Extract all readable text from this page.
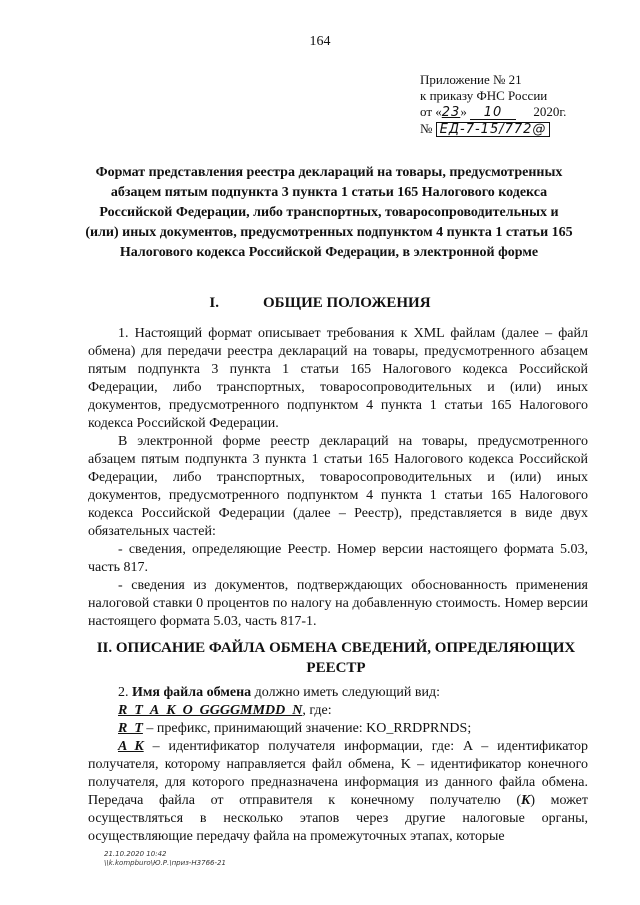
164
Приложение № 21
к приказу ФНС России
от «23» 10 2020г.
№ ЕД-7-15/772@
Формат представления реестра деклараций на товары, предусмотренных абзацем пятым подпункта 3 пункта 1 статьи 165 Налогового кодекса Российской Федерации, либо транспортных, товаросопроводительных и (или) иных документов, предусмотренных подпунктом 4 пункта 1 статьи 165 Налогового кодекса Российской Федерации, в электронной форме
I.	ОБЩИЕ ПОЛОЖЕНИЯ

1. Настоящий формат описывает требования к XML файлам (далее – файл обмена) для передачи реестра деклараций на товары, предусмотренного абзацем пятым подпункта 3 пункта 1 статьи 165 Налогового кодекса Российской Федерации, либо транспортных, товаросопроводительных и (или) иных документов, предусмотренного подпунктом 4 пункта 1 статьи 165 Налогового кодекса Российской Федерации.

В электронной форме реестр деклараций на товары, предусмотренного абзацем пятым подпункта 3 пункта 1 статьи 165 Налогового кодекса Российской Федерации, либо транспортных, товаросопроводительных и (или) иных документов, предусмотренного подпунктом 4 пункта 1 статьи 165 Налогового кодекса Российской Федерации (далее – Реестр), представляется в виде двух обязательных частей:

- сведения, определяющие Реестр. Номер версии настоящего формата 5.03, часть 817.

- сведения из документов, подтверждающих обоснованность применения налоговой ставки 0 процентов по налогу на добавленную стоимость. Номер версии настоящего формата 5.03, часть 817-1.

II. ОПИСАНИЕ ФАЙЛА ОБМЕНА СВЕДЕНИЙ, ОПРЕДЕЛЯЮЩИХ РЕЕСТР

2. Имя файла обмена должно иметь следующий вид:

R_T_A_K_O_GGGGMMDD_N, где:

R_T – префикс, принимающий значение: KO_RRDPRNDS;

A_K – идентификатор получателя информации, где: A – идентификатор получателя, которому направляется файл обмена, K – идентификатор конечного получателя, для которого предназначена информация из данного файла обмена. Передача файла от отправителя к конечному получателю (K) может осуществляться в несколько этапов через другие налоговые органы, осуществляющие передачу файла на промежуточных этапах, которые

21.10.2020 10:42
\\k.kompburo\Ю.Р.\приз-Н3766-21
